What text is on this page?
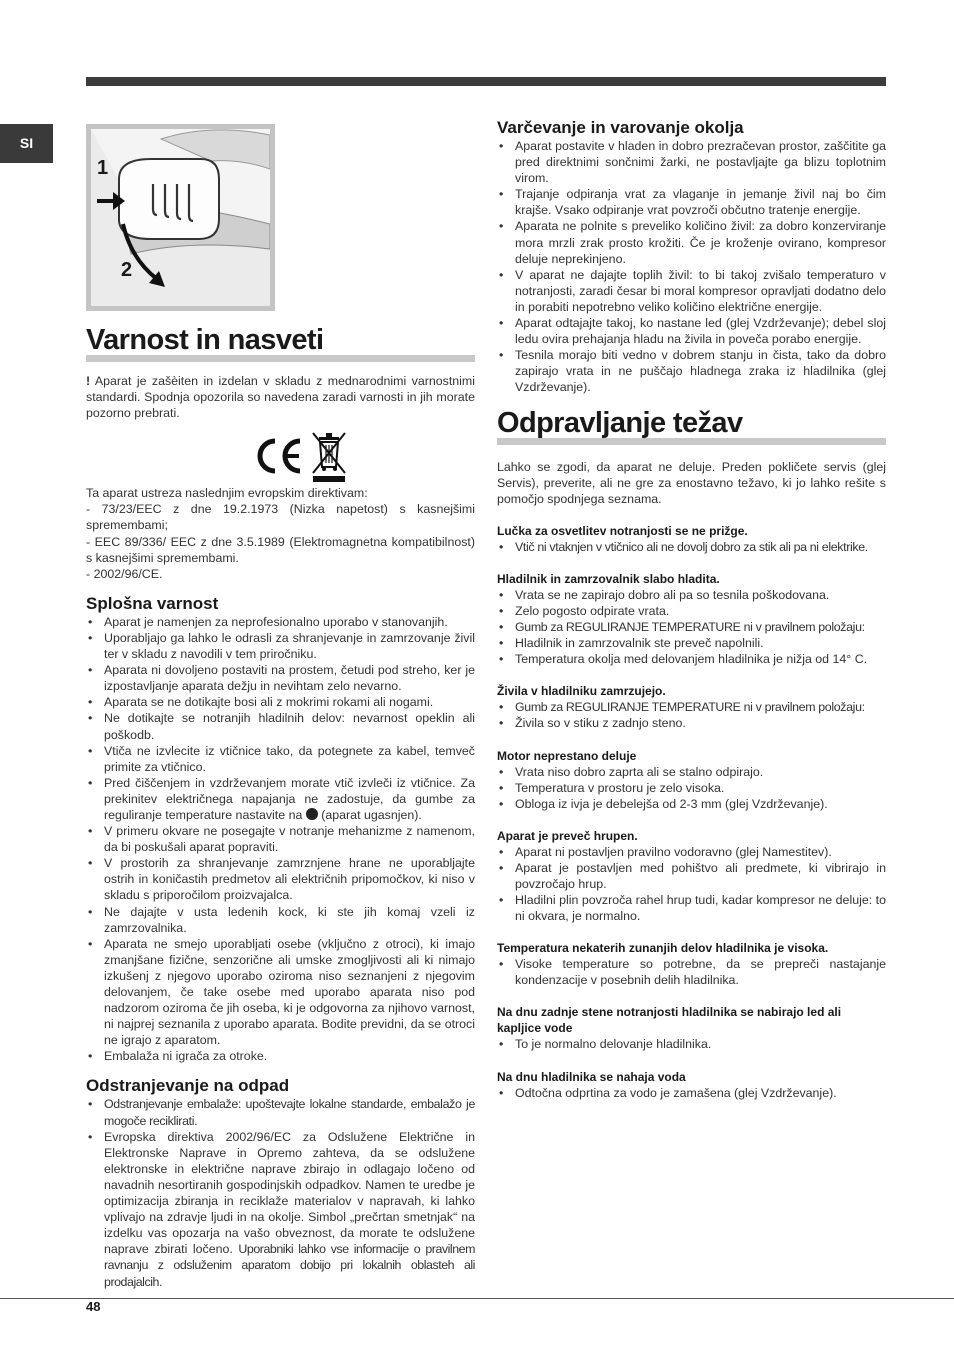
SI
1
2
Varnost in nasveti

! Aparat je zašèiten in izdelan v skladu z mednarodnimi varnostnimi standardi. Spodnja opozorila so navedena zaradi varnosti in jih morate pozorno prebrati.

Ta aparat ustreza naslednjim evropskim direktivam:

- 73/23/EEC z dne 19.2.1973 (Nizka napetost) s kasnejšimi spremembami;

- EEC 89/336/ EEC z dne 3.5.1989 (Elektromagnetna kompatibilnost) s kasnejšimi spremembami.

- 2002/96/CE.

Splošna varnost
• Aparat je namenjen za neprofesionalno uporabo v stanovanjih.
• Uporabljajo ga lahko le odrasli za shranjevanje in zamrzovanje živil ter v skladu z navodili v tem priročniku.
• Aparata ni dovoljeno postaviti na prostem, četudi pod streho, ker je izpostavljanje aparata dežju in nevihtam zelo nevarno.
• Aparata se ne dotikajte bosi ali z mokrimi rokami ali nogami.
• Ne dotikajte se notranjih hladilnih delov: nevarnost opeklin ali poškodb.
• Vtiča ne izvlecite iz vtičnice tako, da potegnete za kabel, temveč primite za vtičnico.
• Pred čiščenjem in vzdrževanjem morate vtič izvleči iz vtičnice. Za prekinitev električnega napajanja ne zadostuje, da gumbe za reguliranje temperature nastavite na  (aparat ugasnjen).
• V primeru okvare ne posegajte v notranje mehanizme z namenom, da bi poskušali aparat popraviti.
• V prostorih za shranjevanje zamrznjene hrane ne uporabljajte ostrih in koničastih predmetov ali električnih pripomočkov, ki niso v skladu s priporočilom proizvajalca.
• Ne dajajte v usta ledenih kock, ki ste jih komaj vzeli iz zamrzovalnika.
• Aparata ne smejo uporabljati osebe (vključno z otroci), ki imajo zmanjšane fizične, senzorične ali umske zmogljivosti ali ki nimajo izkušenj z njegovo uporabo oziroma niso seznanjeni z njegovim delovanjem, če take osebe med uporabo aparata niso pod nadzorom oziroma če jih oseba, ki je odgovorna za njihovo varnost, ni najprej seznanila z uporabo aparata. Bodite previdni, da se otroci ne igrajo z aparatom.
• Embalaža ni igrača za otroke.
Odstranjevanje na odpad
• Odstranjevanje embalaže: upoštevajte lokalne standarde, embalažo je mogoče reciklirati.
• Evropska direktiva 2002/96/EC za Odslužene Električne in Elektronske Naprave in Opremo zahteva, da se odslužene elektronske in električne naprave zbirajo in odlagajo ločeno od navadnih nesortiranih gospodinjskih odpadkov. Namen te uredbe je optimizacija zbiranja in reciklaže materialov v napravah, ki lahko vplivajo na zdravje ljudi in na okolje. Simbol „prečrtan smetnjak“ na izdelku vas opozarja na vašo obveznost, da morate te odslužene naprave zbirati ločeno. Uporabniki lahko vse informacije o pravilnem ravnanju z odsluženim aparatom dobijo pri lokalnih oblasteh ali prodajalcih.
Varčevanje in varovanje okolja
• Aparat postavite v hladen in dobro prezračevan prostor, zaščitite ga pred direktnimi sončnimi žarki, ne postavljajte ga blizu toplotnim virom.
• Trajanje odpiranja vrat za vlaganje in jemanje živil naj bo čim krajše. Vsako odpiranje vrat povzroči občutno tratenje energije.
• Aparata ne polnite s preveliko količino živil: za dobro konzerviranje mora mrzli zrak prosto krožiti. Če je kroženje ovirano, kompresor deluje neprekinjeno.
• V aparat ne dajajte toplih živil: to bi takoj zvišalo temperaturo v notranjosti, zaradi česar bi moral kompresor opravljati dodatno delo in porabiti nepotrebno veliko količino električne energije.
• Aparat odtajajte takoj, ko nastane led (glej Vzdrževanje); debel sloj ledu ovira prehajanja hladu na živila in poveča porabo energije.
• Tesnila morajo biti vedno v dobrem stanju in čista, tako da dobro zapirajo vrata in ne puščajo hladnega zraka iz hladilnika (glej Vzdrževanje).
Odpravljanje težav

Lahko se zgodi, da aparat ne deluje. Preden pokličete servis (glej Servis), preverite, ali ne gre za enostavno težavo, ki jo lahko rešite s pomočjo spodnjega seznama.

Lučka za osvetlitev notranjosti se ne prižge.
• Vtič ni vtaknjen v vtičnico ali ne dovolj dobro za stik ali pa ni elektrike.
Hladilnik in zamrzovalnik slabo hladita.
• Vrata se ne zapirajo dobro ali pa so tesnila poškodovana.
• Zelo pogosto odpirate vrata.
• Gumb za REGULIRANJE TEMPERATURE ni v pravilnem položaju:
• Hladilnik in zamrzovalnik ste preveč napolnili.
• Temperatura okolja med delovanjem hladilnika je nižja od 14° C.
Živila v hladilniku zamrzujejo.
• Gumb za REGULIRANJE TEMPERATURE ni v pravilnem položaju:
• Živila so v stiku z zadnjo steno.
Motor neprestano deluje
• Vrata niso dobro zaprta ali se stalno odpirajo.
• Temperatura v prostoru je zelo visoka.
• Obloga iz ivja je debelejša od 2-3 mm (glej Vzdrževanje).
Aparat je preveč hrupen.
• Aparat ni postavljen pravilno vodoravno (glej Namestitev).
• Aparat je postavljen med pohištvo ali predmete, ki vibrirajo in povzročajo hrup.
• Hladilni plin povzroča rahel hrup tudi, kadar kompresor ne deluje: to ni okvara, je normalno.
Temperatura nekaterih zunanjih delov hladilnika je visoka.
• Visoke temperature so potrebne, da se prepreči nastajanje kondenzacije v posebnih delih hladilnika.
Na dnu zadnje stene notranjosti hladilnika se nabirajo led ali kapljice vode
• To je normalno delovanje hladilnika.
Na dnu hladilnika se nahaja voda
• Odtočna odprtina za vodo je zamašena (glej Vzdrževanje).
48
